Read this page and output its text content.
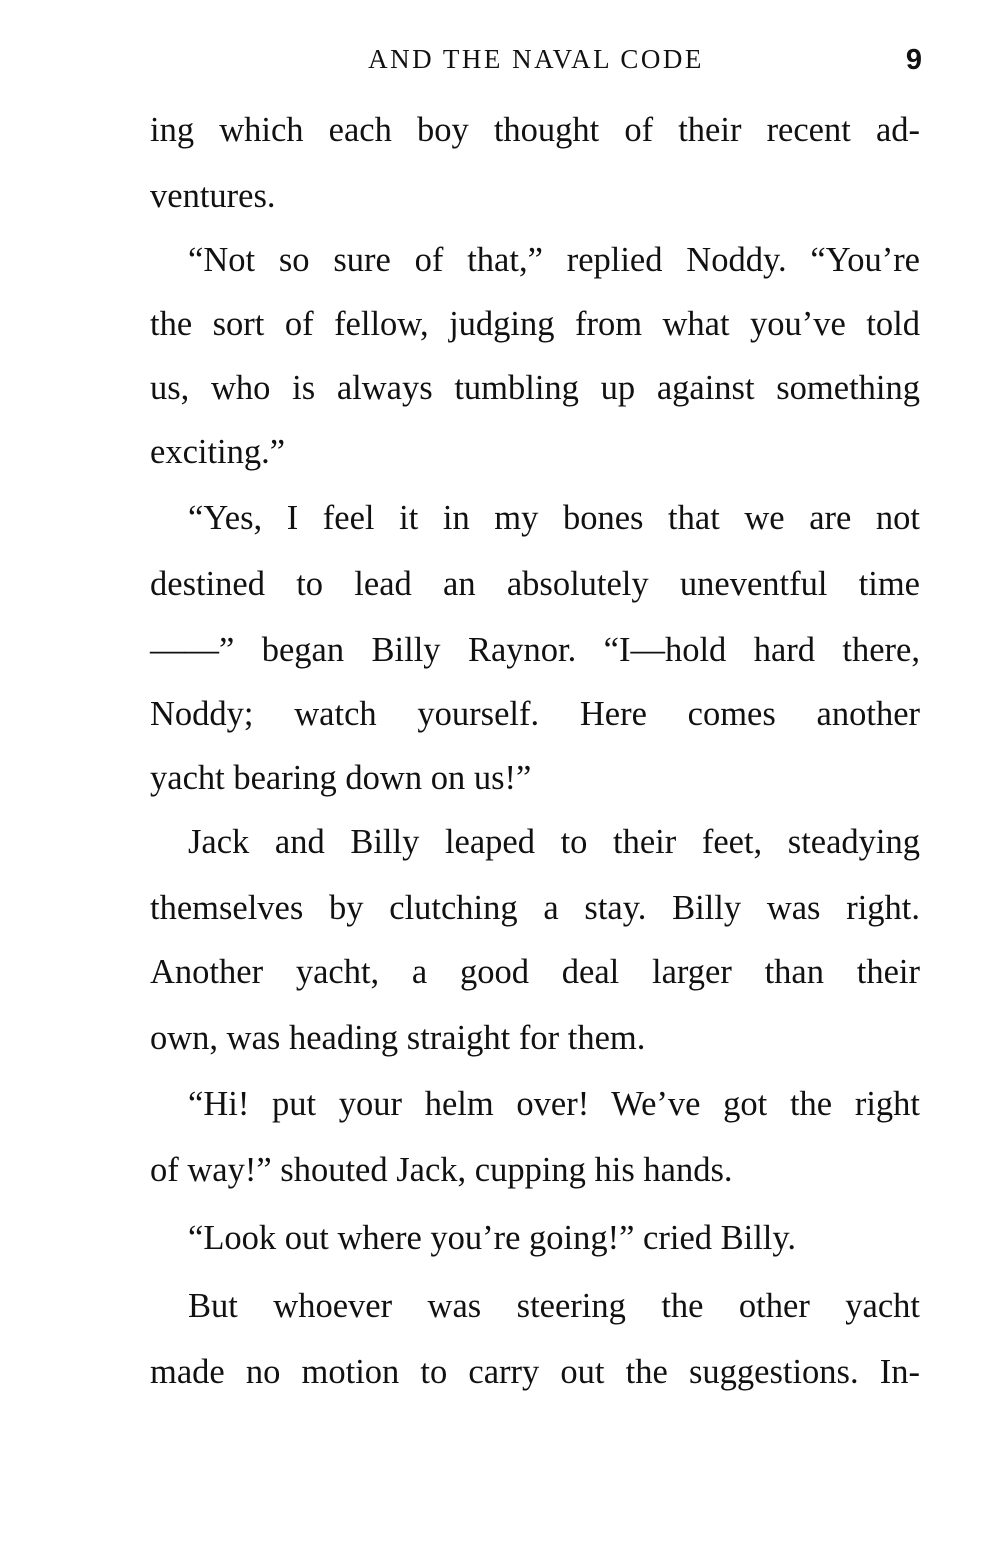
AND THE NAVAL CODE	9
ing which each boy thought of their recent ad-
ventures.
“Not so sure of that,” replied Noddy. “You’re
the sort of fellow, judging from what you’ve told
us, who is always tumbling up against something
exciting.”
“Yes, I feel it in my bones that we are not
destined to lead an absolutely uneventful time
——” began Billy Raynor. “I—hold hard there,
Noddy; watch yourself. Here comes another
yacht bearing down on us!”
Jack and Billy leaped to their feet, steadying
themselves by clutching a stay. Billy was right.
Another yacht, a good deal larger than their
own, was heading straight for them.
“Hi! put your helm over! We’ve got the right
of way!” shouted Jack, cupping his hands.
“Look out where you’re going!” cried Billy.
But whoever was steering the other yacht
made no motion to carry out the suggestions. In-
